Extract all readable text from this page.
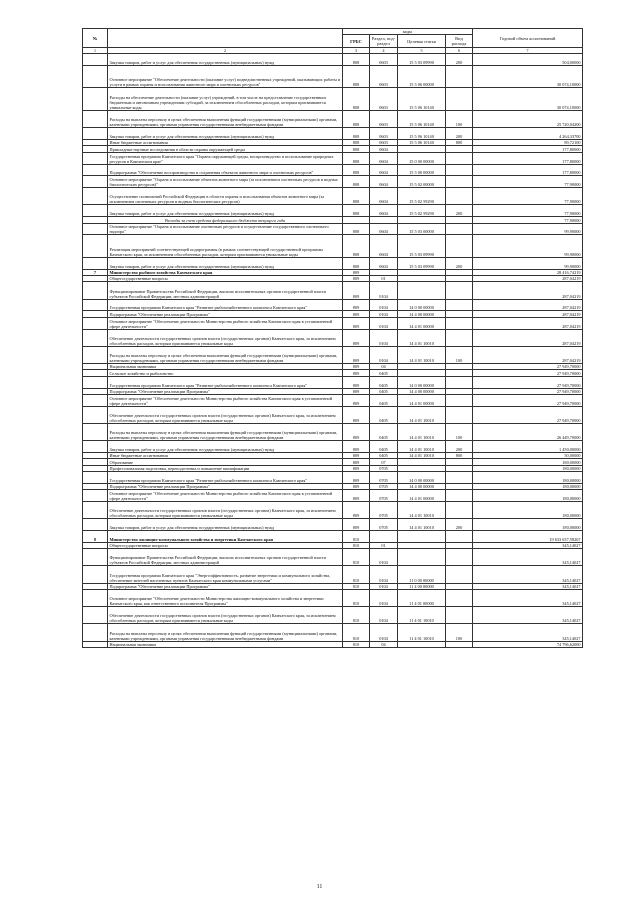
№		коды				Годовой объем ассигнований
		ГРБС	Раздел, под-раздел	Целевая статья	Вид расхода	
1	2	3	4	5	6	7
	Закупка товаров, работ и услуг для обеспечения государственных (муниципальных) нужд	808	0603	15 5 03 09990	200	504,00000
	Основное мероприятие "Обеспечение деятельности (оказание услуг) подведомственных учреждений, оказывающих работы и услуги в рамках охраны и использования животного мира и охотничьих ресурсов"	808	0603	15 5 06 00000		30 074,10000
	Расходы на обеспечение деятельности (оказание услуг) учреждений, в том числе на предоставление государственным бюджетным и автономным учреждениям субсидий, за исключением обособленных расходов, которым присваиваются уникальные коды	808	0603	15 5 06 10140		30 074,10000
	Расходы на выплаты персоналу в целях обеспечения выполнения функций государственными (муниципальными) органами, казенными учреждениями, органами управления государственными внебюджетными фондами	808	0603	15 5 06 10140	100	25 720,04200
	Закупка товаров, работ и услуг для обеспечения государственных (муниципальных) нужд	808	0603	15 5 06 10140	200	4 264,33700
	Иные бюджетные ассигнования	808	0603	15 5 06 10140	800	89,72100
	Прикладные научные исследования в области охраны окружающей среды	808	0604			177,80000
	Государственная программа Камчатского края "Охрана окружающей среды, воспроизводство и использование природных ресурсов в Камчатском крае"	808	0604	15 0 00 00000		177,80000
	Подпрограмма "Обеспечение воспроизводства и сохранения объектов животного мира и охотничьих ресурсов"	808	0604	15 5 00 00000		177,80000
	Основное мероприятие "Охрана и использование объектов животного мира (за исключением охотничьих ресурсов и водных биологических ресурсов)"	808	0604	15 5 02 00000		77,90000
	Осуществление полномочий Российской Федерации в области охраны и использования объектов животного мира (за исключением охотничьих ресурсов и водных биологических ресурсов)	808	0604	15 5 02 59290		77,90000
	Закупка товаров, работ и услуг для обеспечения государственных (муниципальных) нужд	808	0604	15 5 02 59290	200	77,90000
	Расходы за счет средств федерального бюджета текущего года					77,90000
	Основное мероприятие "Охрана и использование охотничьих ресурсов и осуществление государственного охотничьего надзора"	808	0604	15 5 03 00000		99,90000
	Реализация мероприятий соответствующей подпрограммы (в рамках соответствующей государственной программы Камчатского края, за исключением обособленных расходов, которым присваиваются уникальные коды	808	0604	15 5 03 09990		99,90000
	Закупка товаров, работ и услуг для обеспечения государственных (муниципальных) нужд	808	0604	15 5 03 09990	200	99,90000
7	Министерство рыбного хозяйства Камчатского края	809				28 416,74219
	Общегосударственные вопросы	809	01			287,04219
	Функционирование Правительства Российской Федерации, высших исполнительных органов государственной власти субъектов Российской Федерации, местных администраций	809	0104			287,04219
	Государственная программа Камчатского края "Развитие рыбохозяйственного комплекса Камчатского края"	809	0104	14 0 00 00000		287,04219
	Подпрограмма "Обеспечение реализации Программы"	809	0104	14 4 00 00000		287,04219
	Основное мероприятие "Обеспечение деятельности Министерства рыбного хозяйства Камчатского края в установленной сфере деятельности"	809	0104	14 4 01 00000		287,04219
	Обеспечение деятельности государственных органов власти (государственных органов) Камчатского края, за исключением обособленных расходов, которым присваиваются уникальные коды	809	0104	14 4 01 10010		287,04219
	Расходы на выплаты персоналу в целях обеспечения выполнения функций государственными (муниципальными) органами, казенными учреждениями, органами управления государственными внебюджетными фондами	809	0104	14 4 01 10010	100	287,04219
	Национальная экономика	809	04			27 949,70000
	Сельское хозяйство и рыболовство	809	0405			27 949,70000
	Государственная программа Камчатского края "Развитие рыбохозяйственного комплекса Камчатского края"	809	0405	14 0 00 00000		27 949,70000
	Подпрограмма "Обеспечение реализации Программы"	809	0405	14 4 00 00000		27 949,70000
	Основное мероприятие "Обеспечение деятельности Министерства рыбного хозяйства Камчатского края в установленной сфере деятельности"	809	0405	14 4 01 00000		27 949,70000
	Обеспечение деятельности государственных органов власти (государственных органов) Камчатского края, за исключением обособленных расходов, которым присваиваются уникальные коды	809	0405	14 4 01 10010		27 949,70000
	Расходы на выплаты персоналу в целях обеспечения выполнения функций государственными (муниципальными) органами, казенными учреждениями, органами управления государственными внебюджетными фондами	809	0405	14 4 01 10010	100	26 449,70000
	Закупка товаров, работ и услуг для обеспечения государственных (муниципальных) нужд	809	0405	14 4 01 10010	200	1 450,00000
	Иные бюджетные ассигнования	809	0405	14 4 01 10010	800	50,00000
	Образование	809	07			180,00000
	Профессиональная подготовка, переподготовка и повышение квалификации	809	0705			180,00000
	Государственная программа Камчатского края "Развитие рыбохозяйственного комплекса Камчатского края"	809	0705	14 0 00 00000		180,00000
	Подпрограмма "Обеспечение реализации Программы"	809	0705	14 4 00 00000		180,00000
	Основное мероприятие "Обеспечение деятельности Министерства рыбного хозяйства Камчатского края в установленной сфере деятельности"	809	0705	14 4 01 00000		180,00000
	Обеспечение деятельности государственных органов власти (государственных органов) Камчатского края, за исключением обособленных расходов, которым присваиваются уникальные коды	809	0705	14 4 01 10010		180,00000
	Закупка товаров, работ и услуг для обеспечения государственных (муниципальных) нужд	809	0705	14 4 01 10010	200	180,00000
8	Министерство жилищно-коммунального хозяйства и энергетики Камчатского края	810				19 633 637,58267
	Общегосударственные вопросы	810	01			345,14027
	Функционирование Правительства Российской Федерации, высших исполнительных органов государственной власти субъектов Российской Федерации, местных администраций	810	0104			345,14027
	Государственная программа Камчатского края "Энергоэффективность, развитие энергетики и коммунального хозяйства, обеспечение жителей населенных пунктов Камчатского края коммунальными услугами"	810	0104	11 0 00 00000		345,14027
	Подпрограмма "Обеспечение реализации Программы"	810	0104	11 4 00 00000		345,14027
	Основное мероприятие "Обеспечение деятельности Министерства жилищно-коммунального хозяйства и энергетики Камчатского края, как ответственного исполнителя Программы"	810	0104	11 4 01 00000		345,14027
	Обеспечение деятельности государственных органов власти (государственных органов) Камчатского края, за исключением обособленных расходов, которым присваиваются уникальные коды	810	0104	11 4 01 10010		345,14027
	Расходы на выплаты персоналу в целях обеспечения выполнения функций государственными (муниципальными) органами, казенными учреждениями, органами управления государственными внебюджетными фондами	810	0104	11 4 01 10010	100	345,14027
	Национальная экономика	810	04			74 796,62000
11
